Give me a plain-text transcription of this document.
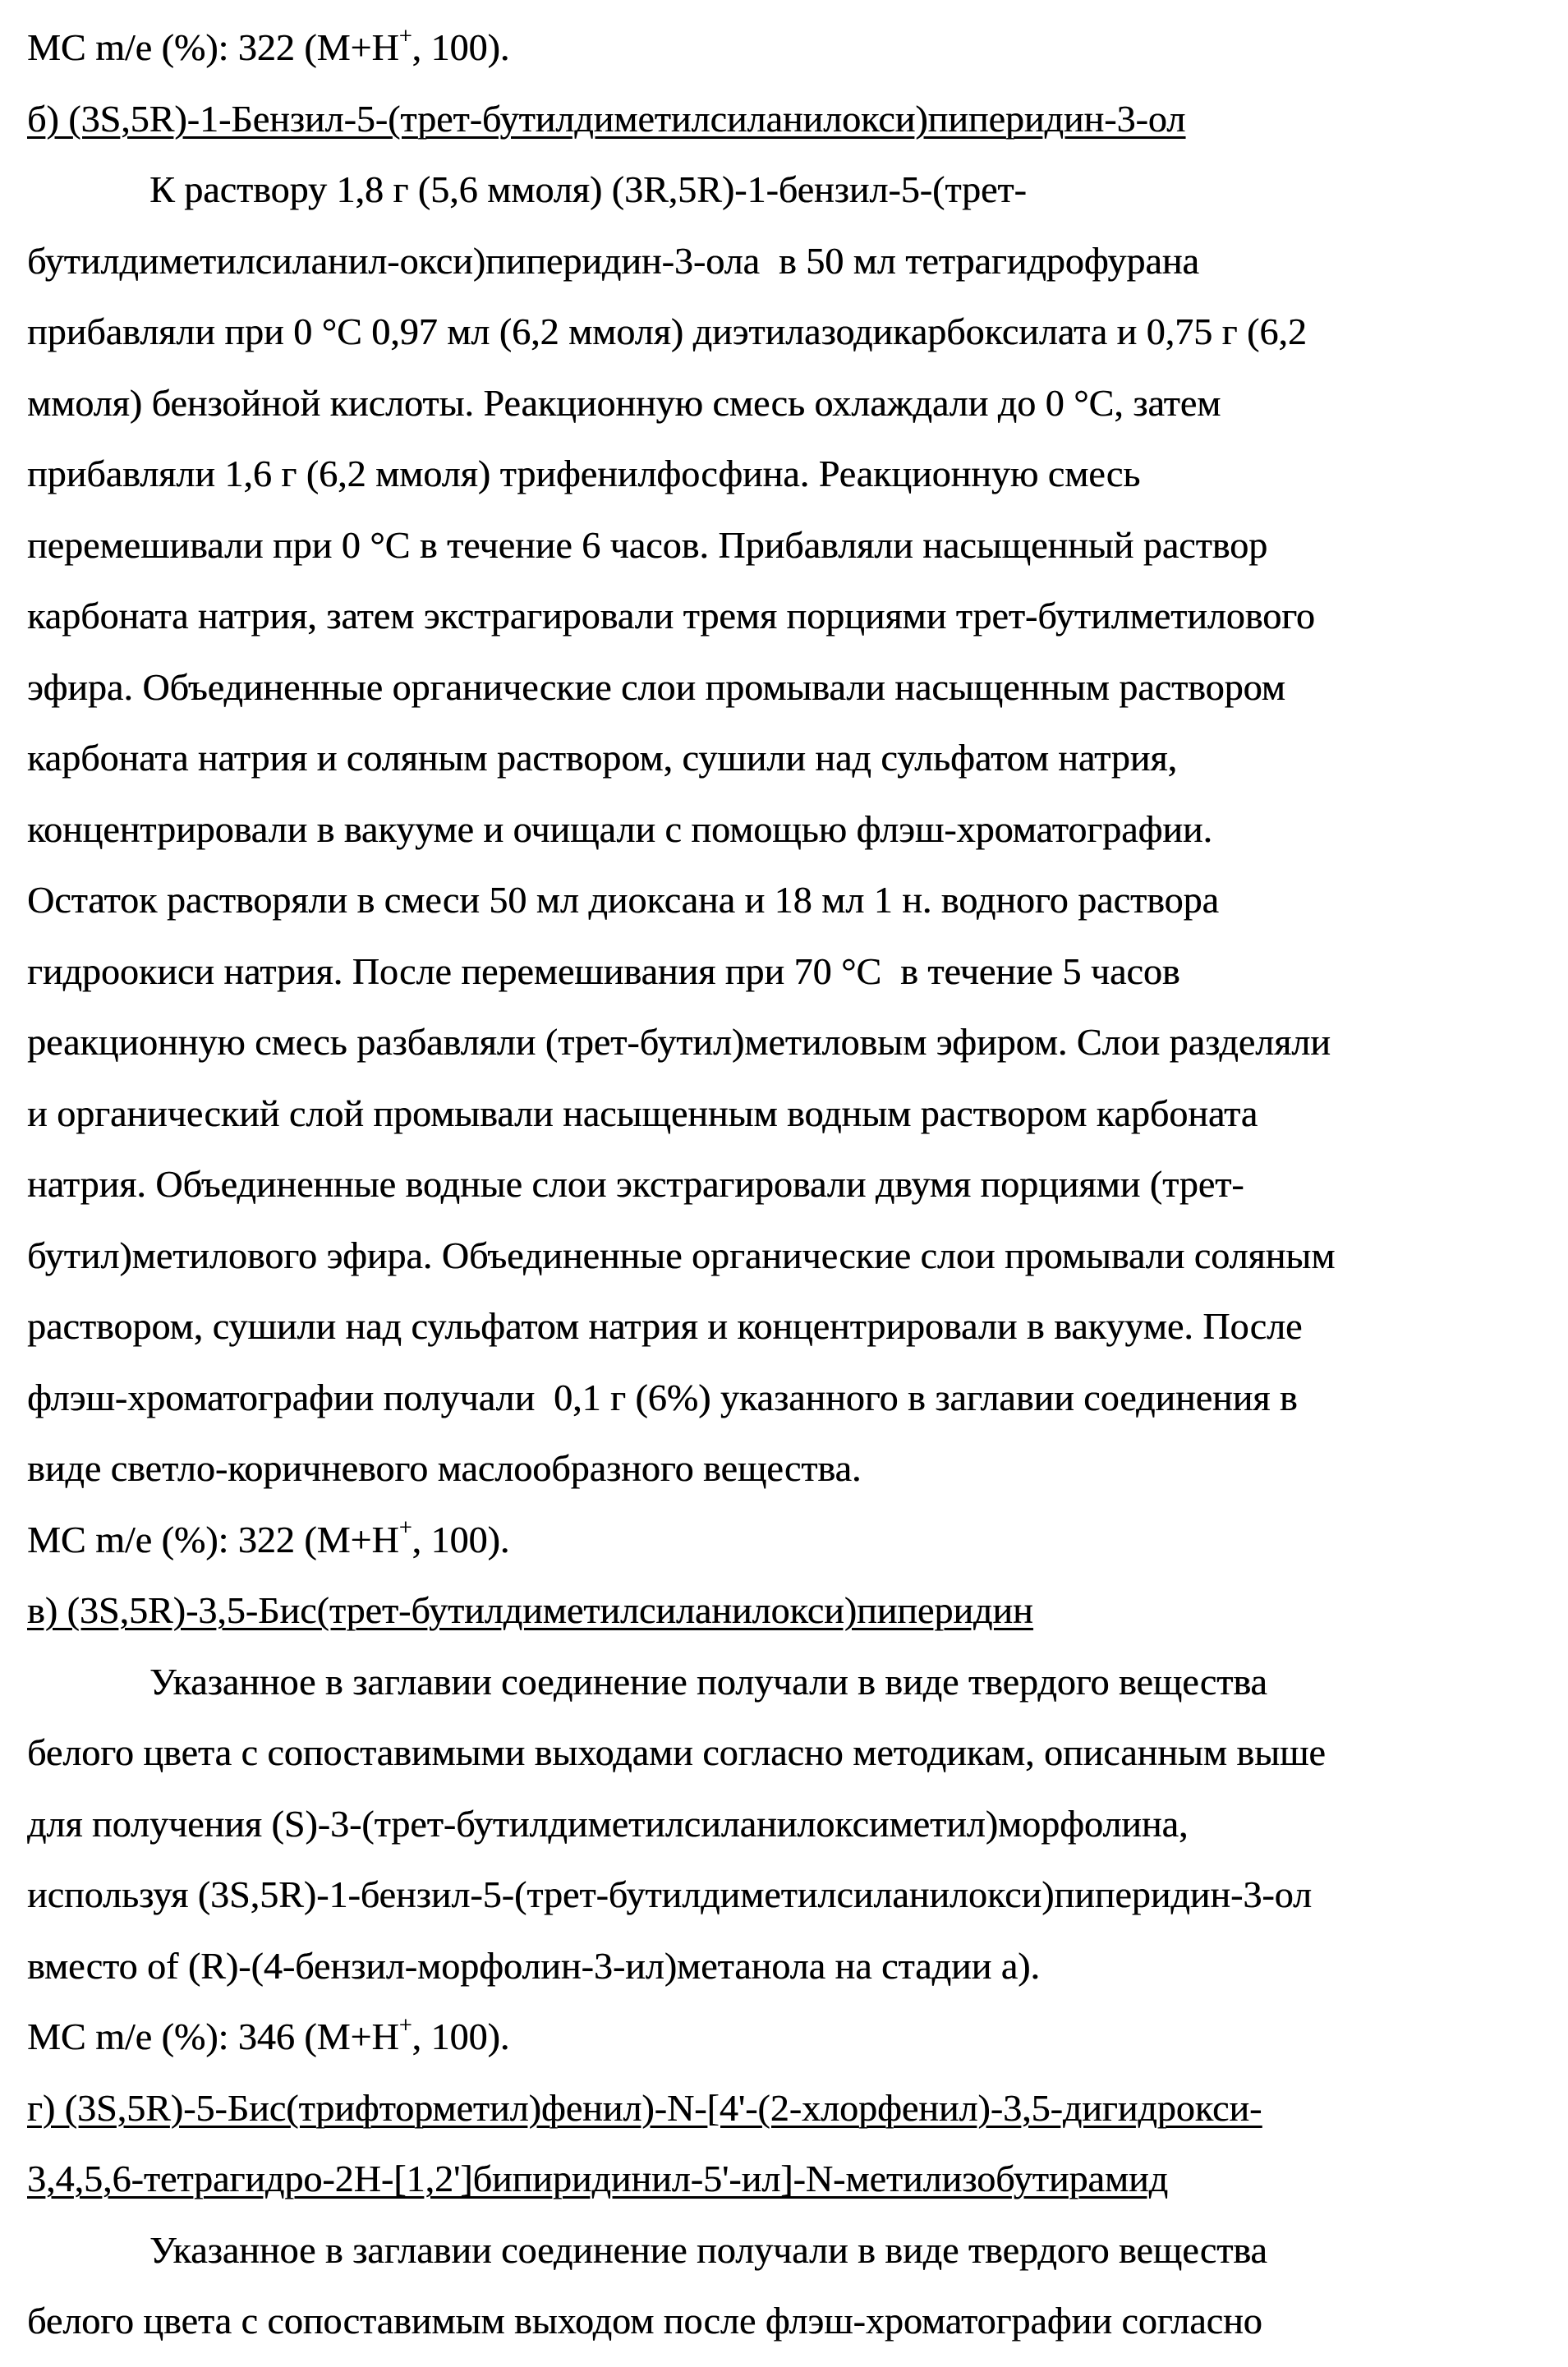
МС m/e (%): 322 (M+H+, 100).
б) (3S,5R)-1-Бензил-5-(трет-бутилдиметилсиланилокси)пиперидин-3-ол
К раствору 1,8 г (5,6 ммоля) (3R,5R)-1-бензил-5-(трет-
бутилдиметилсиланил-окси)пиперидин-3-ола  в 50 мл тетрагидрофурана
прибавляли при 0 °С 0,97 мл (6,2 ммоля) диэтилазодикарбоксилата и 0,75 г (6,2
ммоля) бензойной кислоты. Реакционную смесь охлаждали до 0 °С, затем
прибавляли 1,6 г (6,2 ммоля) трифенилфосфина. Реакционную смесь
перемешивали при 0 °С в течение 6 часов. Прибавляли насыщенный раствор
карбоната натрия, затем экстрагировали тремя порциями трет-бутилметилового
эфира. Объединенные органические слои промывали насыщенным раствором
карбоната натрия и соляным раствором, сушили над сульфатом натрия,
концентрировали в вакууме и очищали с помощью флэш-хроматографии.
Остаток растворяли в смеси 50 мл диоксана и 18 мл 1 н. водного раствора
гидроокиси натрия. После перемешивания при 70 °С  в течение 5 часов
реакционную смесь разбавляли (трет-бутил)метиловым эфиром. Слои разделяли
и органический слой промывали насыщенным водным раствором карбоната
натрия. Объединенные водные слои экстрагировали двумя порциями (трет-
бутил)метилового эфира. Объединенные органические слои промывали соляным
раствором, сушили над сульфатом натрия и концентрировали в вакууме. После
флэш-хроматографии получали  0,1 г (6%) указанного в заглавии соединения в
виде светло-коричневого маслообразного вещества.
МС m/e (%): 322 (M+H+, 100).
в) (3S,5R)-3,5-Бис(трет-бутилдиметилсиланилокси)пиперидин
Указанное в заглавии соединение получали в виде твердого вещества
белого цвета с сопоставимыми выходами согласно методикам, описанным выше
для получения (S)-3-(трет-бутилдиметилсиланилоксиметил)морфолина,
используя (3S,5R)-1-бензил-5-(трет-бутилдиметилсиланилокси)пиперидин-3-ол
вместо of (R)-(4-бензил-морфолин-3-ил)метанола на стадии а).
МС m/e (%): 346 (M+H+, 100).
г) (3S,5R)-5-Бис(трифторметил)фенил)-N-[4'-(2-хлорфенил)-3,5-дигидрокси-
3,4,5,6-тетрагидро-2Н-[1,2']бипиридинил-5'-ил]-N-метилизобутирамид
Указанное в заглавии соединение получали в виде твердого вещества
белого цвета с сопоставимым выходом после флэш-хроматографии согласно
